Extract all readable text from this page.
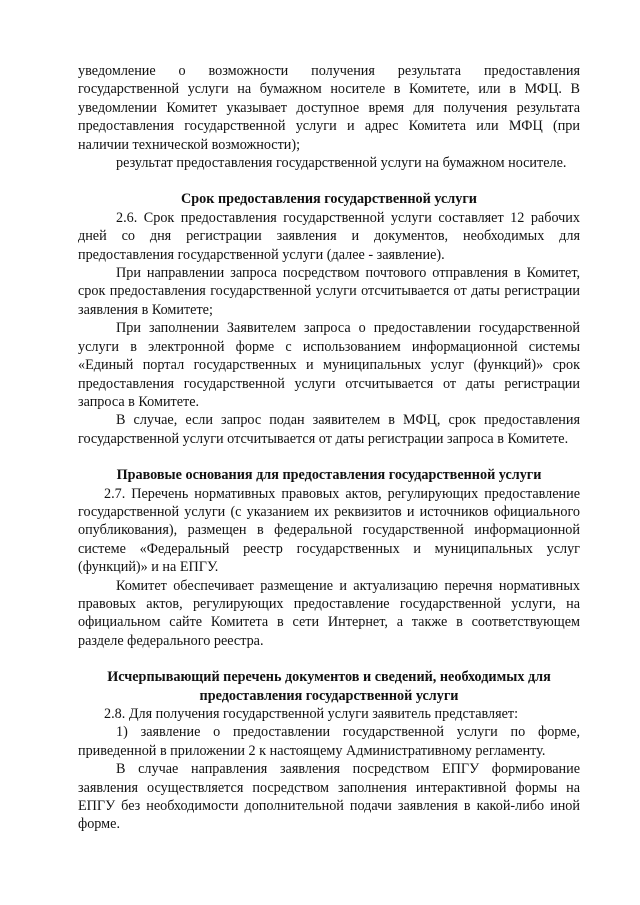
уведомление о возможности получения результата предоставления государственной услуги на бумажном носителе в Комитете, или в МФЦ. В уведомлении Комитет указывает доступное время для получения результата предоставления государственной услуги и адрес Комитета или МФЦ (при наличии технической возможности);

результат предоставления государственной услуги на бумажном носителе.

Срок предоставления государственной услуги

2.6. Срок предоставления государственной услуги составляет 12 рабочих дней со дня регистрации заявления и документов, необходимых для предоставления государственной услуги (далее - заявление).

При направлении запроса посредством почтового отправления в Комитет, срок предоставления государственной услуги отсчитывается от даты регистрации заявления в Комитете;

При заполнении Заявителем запроса о предоставлении государственной услуги в электронной форме с использованием информационной системы «Единый портал государственных и муниципальных услуг (функций)» срок предоставления государственной услуги отсчитывается от даты регистрации запроса в Комитете.

В случае, если запрос подан заявителем в МФЦ, срок предоставления государственной услуги отсчитывается от даты регистрации запроса в Комитете.

Правовые основания для предоставления государственной услуги

2.7. Перечень нормативных правовых актов, регулирующих предоставление государственной услуги (с указанием их реквизитов и источников официального опубликования), размещен в федеральной государственной информационной системе «Федеральный реестр государственных и муниципальных услуг (функций)» и на ЕПГУ.

Комитет обеспечивает размещение и актуализацию перечня нормативных правовых актов, регулирующих предоставление государственной услуги, на официальном сайте Комитета в сети Интернет, а также в соответствующем разделе федерального реестра.

Исчерпывающий перечень документов и сведений, необходимых для
предоставления государственной услуги

2.8. Для получения государственной услуги заявитель представляет:

1) заявление о предоставлении государственной услуги по форме, приведенной в приложении 2 к настоящему Административному регламенту.

В случае направления заявления посредством ЕПГУ формирование заявления осуществляется посредством заполнения интерактивной формы на ЕПГУ без необходимости дополнительной подачи заявления в какой-либо иной форме.
